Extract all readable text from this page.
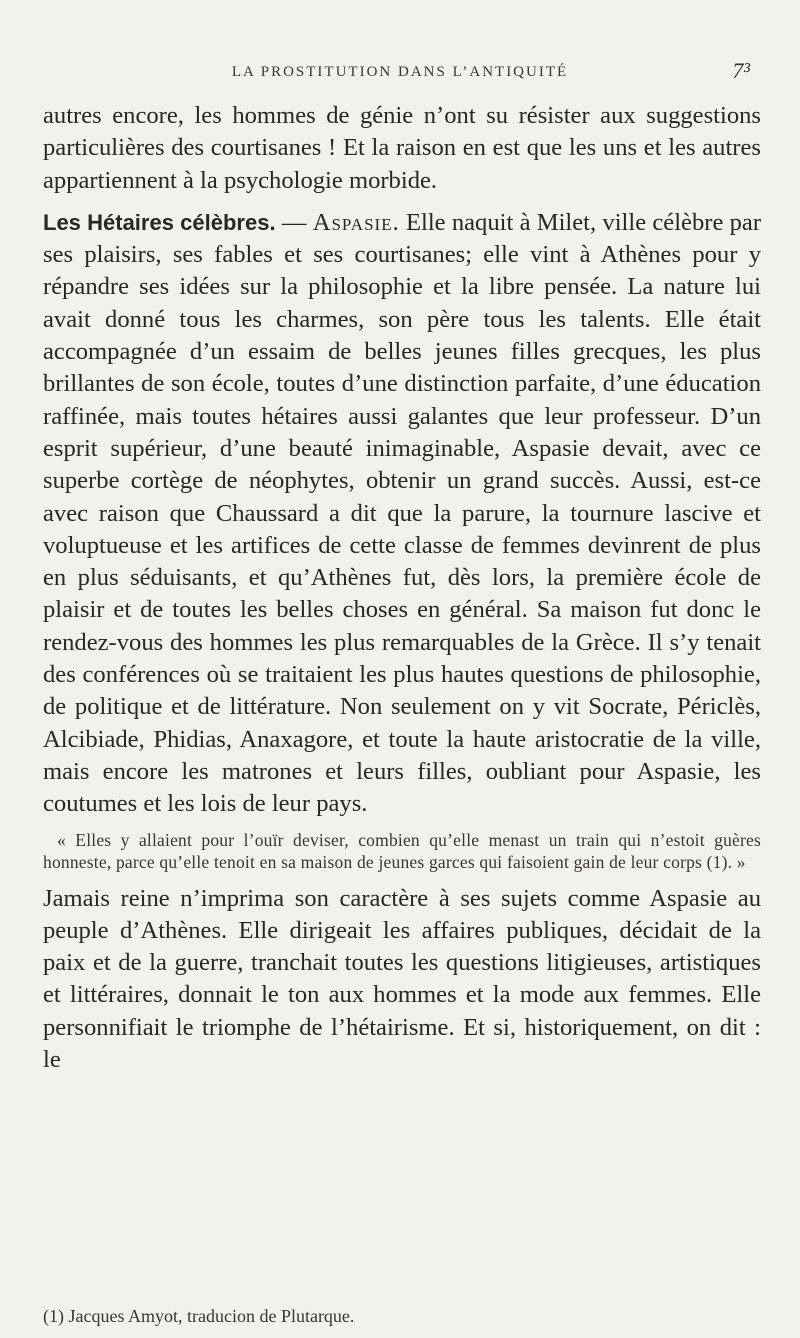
LA PROSTITUTION DANS L’ANTIQUITÉ	7³

autres encore, les hommes de génie n’ont su résister aux suggestions particulières des courtisanes ! Et la raison en est que les uns et les autres appartiennent à la psychologie morbide.

Les Hétaires célèbres. — Aspasie. Elle naquit à Milet, ville célèbre par ses plaisirs, ses fables et ses courtisanes; elle vint à Athènes pour y répandre ses idées sur la philosophie et la libre pensée. La nature lui avait donné tous les charmes, son père tous les talents. Elle était accompagnée d’un essaim de belles jeunes filles grecques, les plus brillantes de son école, toutes d’une distinction parfaite, d’une éducation raffinée, mais toutes hétaires aussi galantes que leur professeur. D’un esprit supérieur, d’une beauté inimaginable, Aspasie devait, avec ce superbe cortège de néophytes, obtenir un grand succès. Aussi, est-ce avec raison que Chaussard a dit que la parure, la tournure lascive et voluptueuse et les artifices de cette classe de femmes devinrent de plus en plus séduisants, et qu’Athènes fut, dès lors, la première école de plaisir et de toutes les belles choses en général. Sa maison fut donc le rendez-vous des hommes les plus remarquables de la Grèce. Il s’y tenait des conférences où se traitaient les plus hautes questions de philosophie, de politique et de littérature. Non seulement on y vit Socrate, Périclès, Alcibiade, Phidias, Anaxagore, et toute la haute aristocratie de la ville, mais encore les matrones et leurs filles, oubliant pour Aspasie, les coutumes et les lois de leur pays.

« Elles y allaient pour l’ouïr deviser, combien qu’elle menast un train qui n’estoit guères honneste, parce qu’elle tenoit en sa maison de jeunes garces qui faisoient gain de leur corps (1). »

Jamais reine n’imprima son caractère à ses sujets comme Aspasie au peuple d’Athènes. Elle dirigeait les affaires publiques, décidait de la paix et de la guerre, tranchait toutes les questions litigieuses, artistiques et littéraires, donnait le ton aux hommes et la mode aux femmes. Elle personnifiait le triomphe de l’hétairisme. Et si, historiquement, on dit : le

(1) Jacques Amyot, traducion de Plutarque.
